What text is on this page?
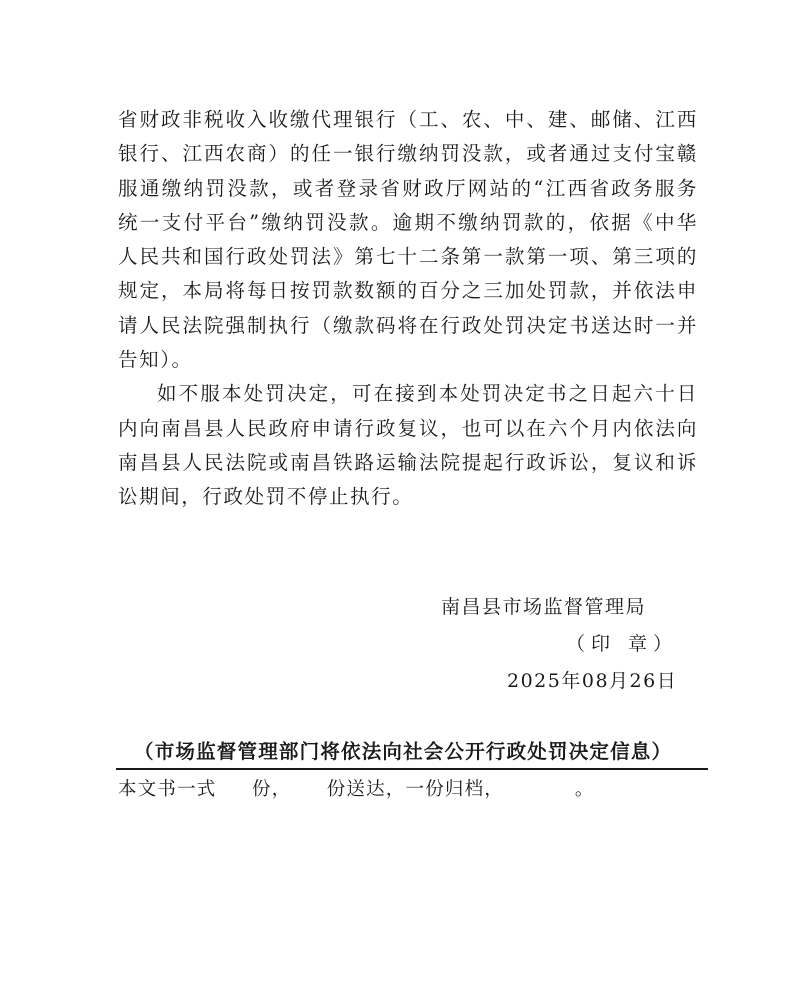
省财政非税收入收缴代理银行（工、农、中、建、邮储、江西银行、江西农商）的任一银行缴纳罚没款，或者通过支付宝赣服通缴纳罚没款，或者登录省财政厅网站的“江西省政务服务统一支付平台”缴纳罚没款。逾期不缴纳罚款的，依据《中华人民共和国行政处罚法》第七十二条第一款第一项、第三项的规定，本局将每日按罚款数额的百分之三加处罚款，并依法申请人民法院强制执行（缴款码将在行政处罚决定书送达时一并告知）。

如不服本处罚决定，可在接到本处罚决定书之日起六十日内向南昌县人民政府申请行政复议，也可以在六个月内依法向南昌县人民法院或南昌铁路运输法院提起行政诉讼，复议和诉讼期间，行政处罚不停止执行。

南昌县市场监督管理局
（印 章）
2025年08月26日
（市场监督管理部门将依法向社会公开行政处罚决定信息）
本文书一式     份，     份送达，一份归档，          。
